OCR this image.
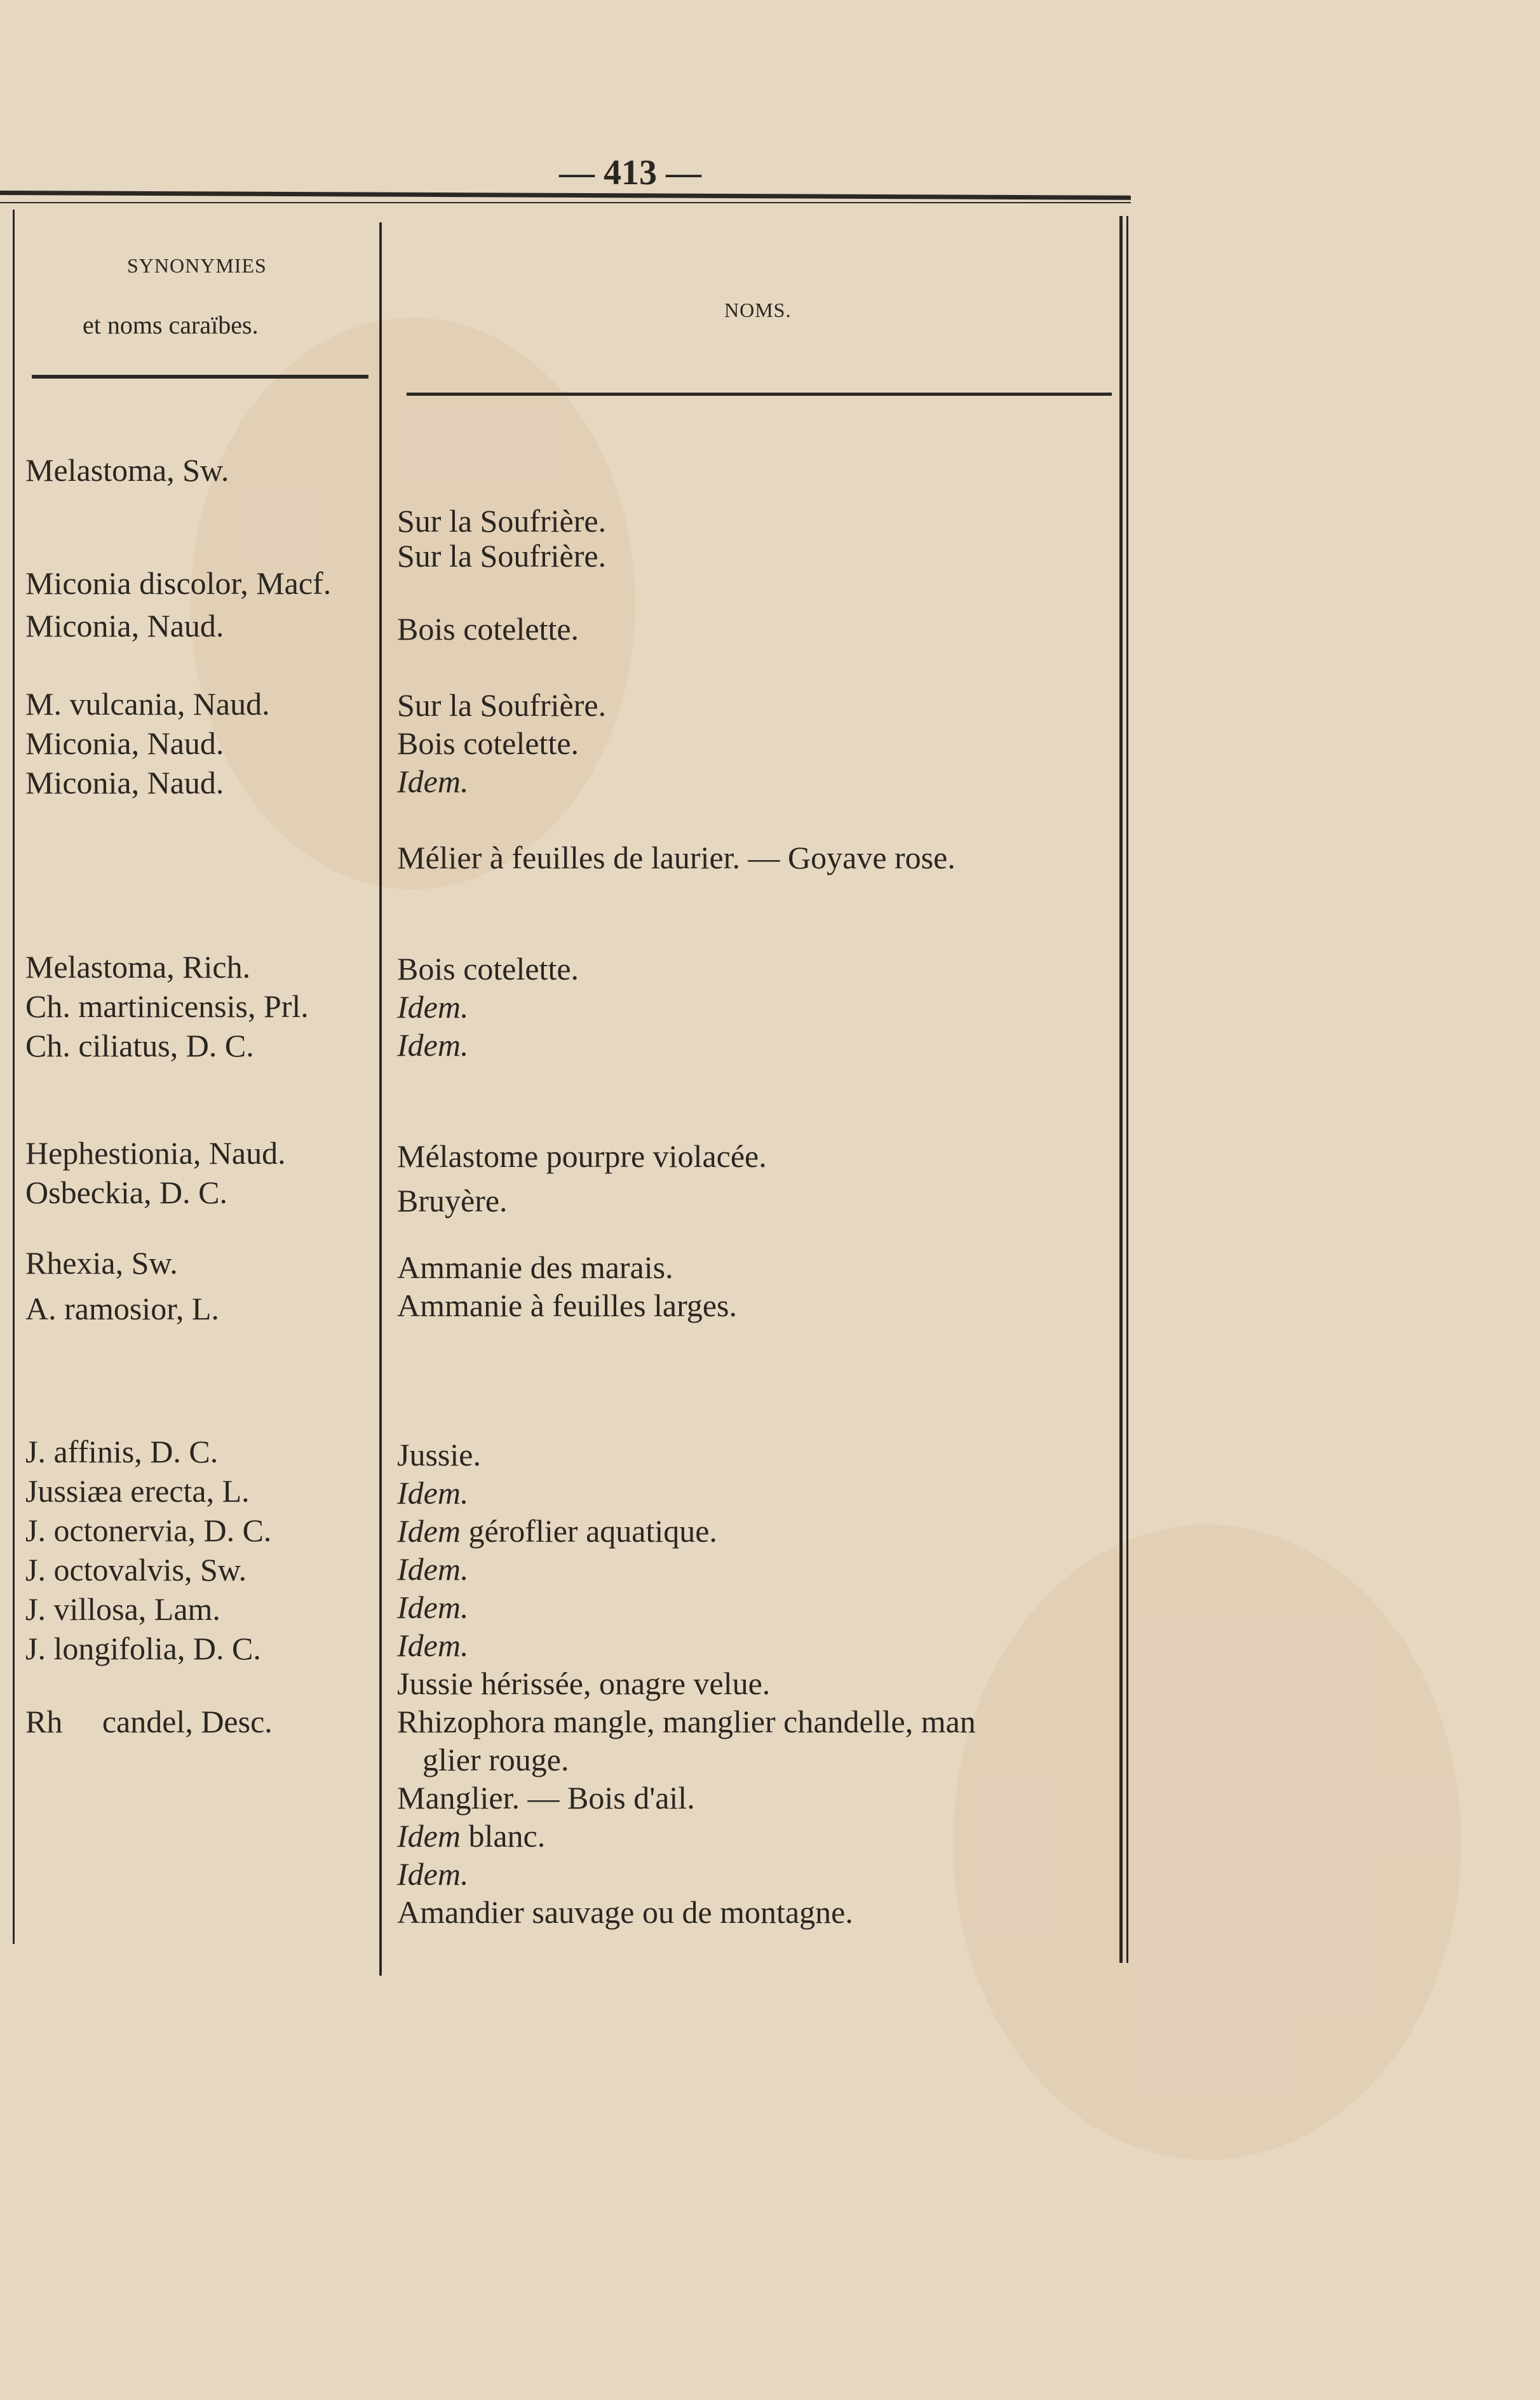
— 413 —
SYNONYMIES
et noms caraïbes.
NOMS.
Melastoma, Sw.
Miconia discolor, Macf.
Miconia, Naud.
M. vulcania, Naud.
Miconia, Naud.
Miconia, Naud.
Melastoma, Rich.
Ch. martinicensis, Prl.
Ch. ciliatus, D. C.
Hephestionia, Naud.
Osbeckia, D. C.
Rhexia, Sw.
A. ramosior, L.
J. affinis, D. C.
Jussiæa erecta, L.
J. octonervia, D. C.
J. octovalvis, Sw.
J. villosa, Lam.
J. longifolia, D. C.
Rh     candel, Desc.
Sur la Soufrière.
Sur la Soufrière.
Bois cotelette.
Sur la Soufrière.
Bois cotelette.
Idem.
Mélier à feuilles de laurier. — Goyave rose.
Bois cotelette.
Idem.
Idem.
Mélastome pourpre violacée.
Bruyère.
Ammanie des marais.
Ammanie à feuilles larges.
Jussie.
Idem.
Idem géroflier aquatique.
Idem.
Idem.
Idem.
Jussie hérissée, onagre velue.
Rhizophora mangle, manglier chandelle, man
glier rouge.
Manglier. — Bois d'ail.
Idem blanc.
Idem.
Amandier sauvage ou de montagne.
